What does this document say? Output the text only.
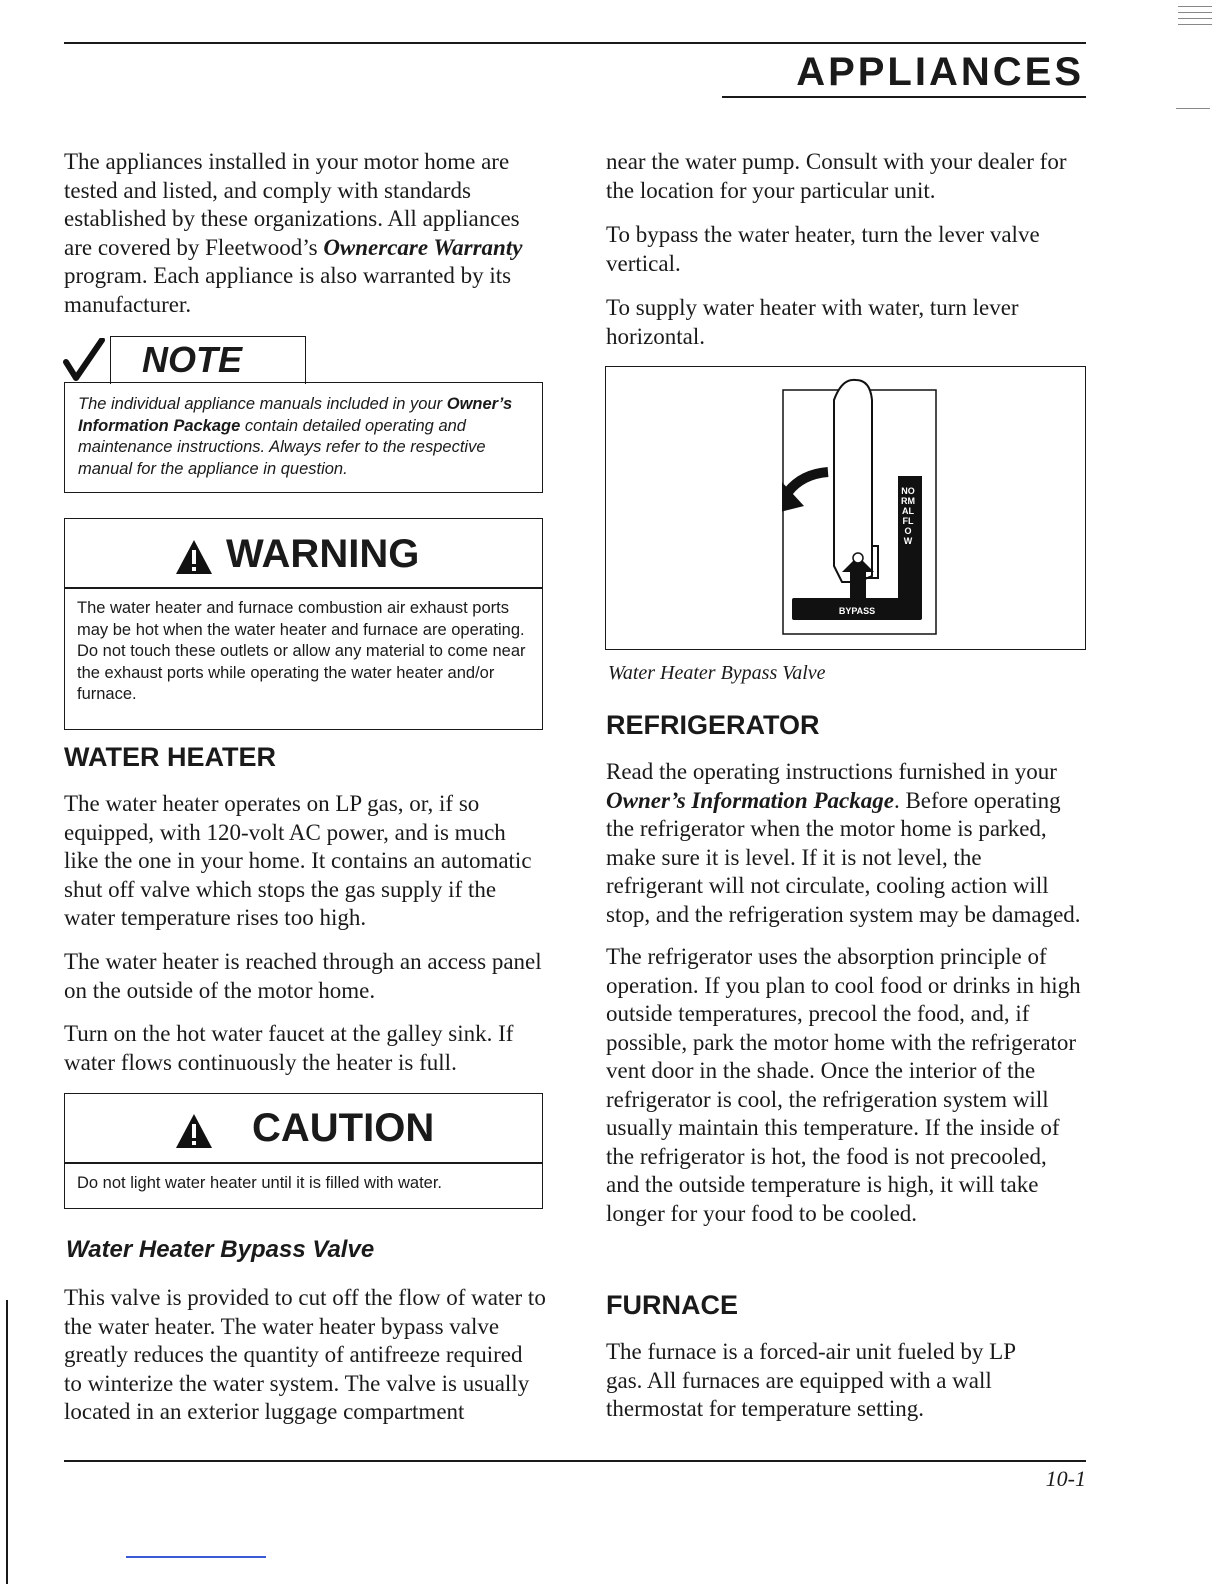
APPLIANCES

The appliances installed in your motor home are tested and listed, and comply with standards established by these organizations. All appliances are covered by Fleetwood’s Ownercare Warranty program. Each appliance is also warranted by its manufacturer.

NOTE

The individual appliance manuals included in your Owner’s Information Package contain detailed operating and maintenance instructions. Always refer to the respective manual for the appliance in question.

WARNING

The water heater and furnace combustion air exhaust ports may be hot when the water heater and furnace are operating. Do not touch these outlets or allow any material to come near the exhaust ports while operating the water heater and/or furnace.

WATER HEATER

The water heater operates on LP gas, or, if so equipped, with 120-volt AC power, and is much like the one in your home. It contains an automatic shut off valve which stops the gas supply if the water temperature rises too high.

The water heater is reached through an access panel on the outside of the motor home.

Turn on the hot water faucet at the galley sink. If water flows continuously the heater is full.

CAUTION

Do not light water heater until it is filled with water.

Water Heater Bypass Valve

This valve is provided to cut off the flow of water to the water heater. The water heater bypass valve greatly reduces the quantity of antifreeze required to winterize the water system. The valve is usually located in an exterior luggage compartment

near the water pump. Consult with your dealer for the location for your particular unit.

To bypass the water heater, turn the lever valve vertical.

To supply water heater with water, turn lever horizontal.

NORMAL FLOW
BYPASS
Water Heater Bypass Valve
REFRIGERATOR

Read the operating instructions furnished in your Owner’s Information Package. Before operating the refrigerator when the motor home is parked, make sure it is level. If it is not level, the refrigerant will not circulate, cooling action will stop, and the refrigeration system may be damaged.

The refrigerator uses the absorption principle of operation. If you plan to cool food or drinks in high outside temperatures, precool the food, and, if possible, park the motor home with the refrigerator vent door in the shade. Once the interior of the refrigerator is cool, the refrigeration system will usually maintain this temperature. If the inside of the refrigerator is hot, the food is not precooled, and the outside temperature is high, it will take longer for your food to be cooled.

FURNACE

The furnace is a forced-air unit fueled by LP gas. All furnaces are equipped with a wall thermostat for temperature setting.

10-1
